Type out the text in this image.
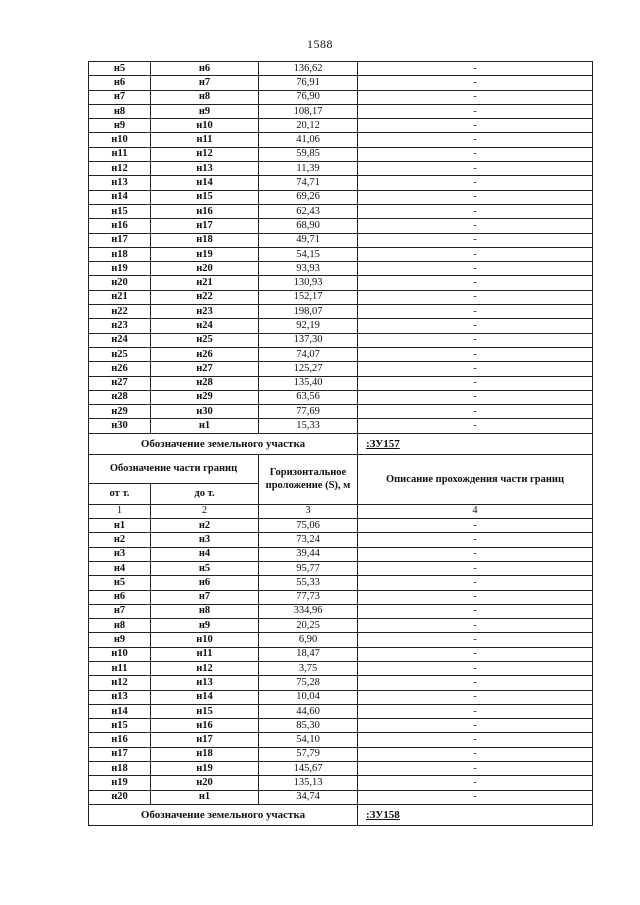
1588
н5	н6	136,62	-
н6	н7	76,91	-
н7	н8	76,90	-
н8	н9	108,17	-
н9	н10	20,12	-
н10	н11	41,06	-
н11	н12	59,85	-
н12	н13	11,39	-
н13	н14	74,71	-
н14	н15	69,26	-
н15	н16	62,43	-
н16	н17	68,90	-
н17	н18	49,71	-
н18	н19	54,15	-
н19	н20	93,93	-
н20	н21	130,93	-
н21	н22	152,17	-
н22	н23	198,07	-
н23	н24	92,19	-
н24	н25	137,30	-
н25	н26	74,07	-
н26	н27	125,27	-
н27	н28	135,40	-
н28	н29	63,56	-
н29	н30	77,69	-
н30	н1	15,33	-
Обозначение земельного участка			:ЗУ157
Обозначение части границ		Горизонтальное проложение (S), м	Описание прохождения части границ
от т.	до т.		
1	2	3	4
н1	н2	75,06	-
н2	н3	73,24	-
н3	н4	39,44	-
н4	н5	95,77	-
н5	н6	55,33	-
н6	н7	77,73	-
н7	н8	334,96	-
н8	н9	20,25	-
н9	н10	6,90	-
н10	н11	18,47	-
н11	н12	3,75	-
н12	н13	75,28	-
н13	н14	10,04	-
н14	н15	44,60	-
н15	н16	85,30	-
н16	н17	54,10	-
н17	н18	57,79	-
н18	н19	145,67	-
н19	н20	135,13	-
н20	н1	34,74	-
Обозначение земельного участка			:ЗУ158
